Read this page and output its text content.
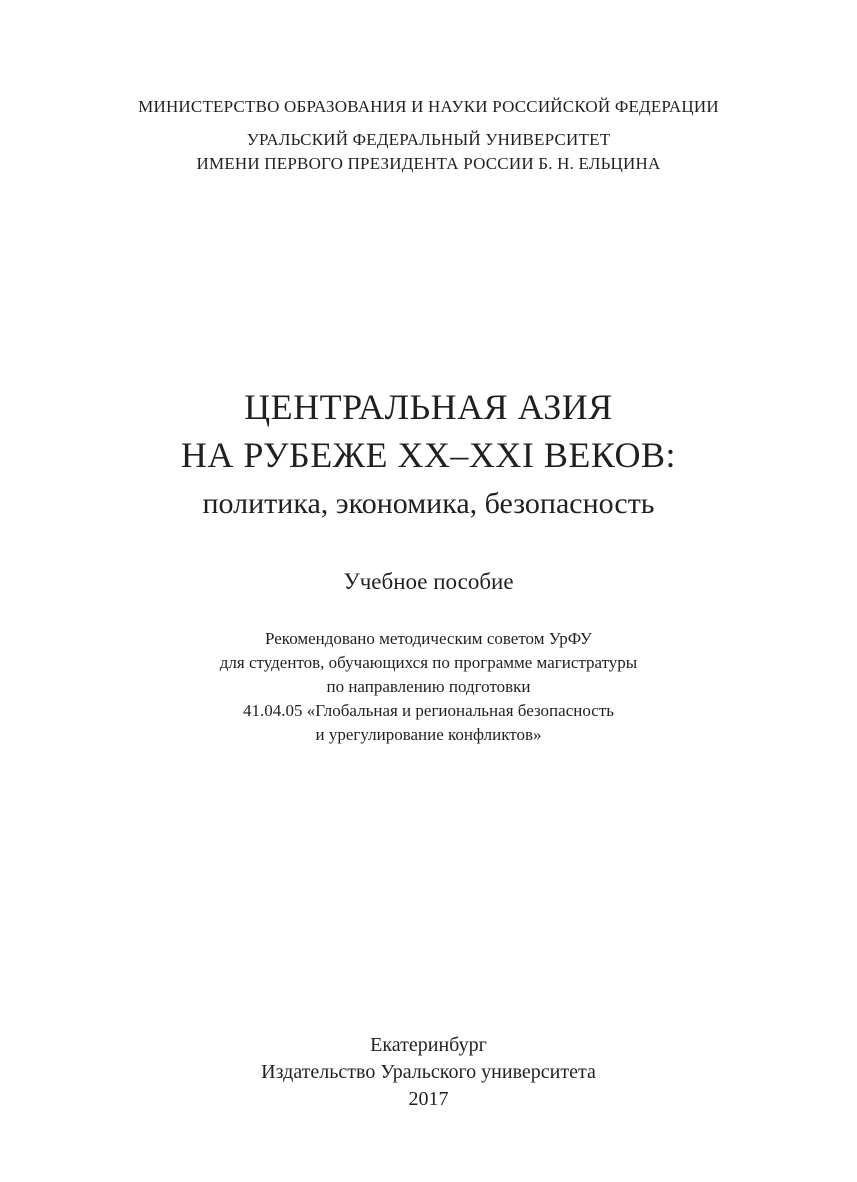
МИНИСТЕРСТВО ОБРАЗОВАНИЯ И НАУКИ РОССИЙСКОЙ ФЕДЕРАЦИИ

УРАЛЬСКИЙ ФЕДЕРАЛЬНЫЙ УНИВЕРСИТЕТ

ИМЕНИ ПЕРВОГО ПРЕЗИДЕНТА РОССИИ Б. Н. ЕЛЬЦИНА

ЦЕНТРАЛЬНАЯ АЗИЯ
НА РУБЕЖЕ XX–XXI ВЕКОВ:
политика, экономика, безопасность

Учебное пособие

Рекомендовано методическим советом УрФУ

для студентов, обучающихся по программе магистратуры

по направлению подготовки

41.04.05 «Глобальная и региональная безопасность

и урегулирование конфликтов»

Екатеринбург

Издательство Уральского университета

2017
